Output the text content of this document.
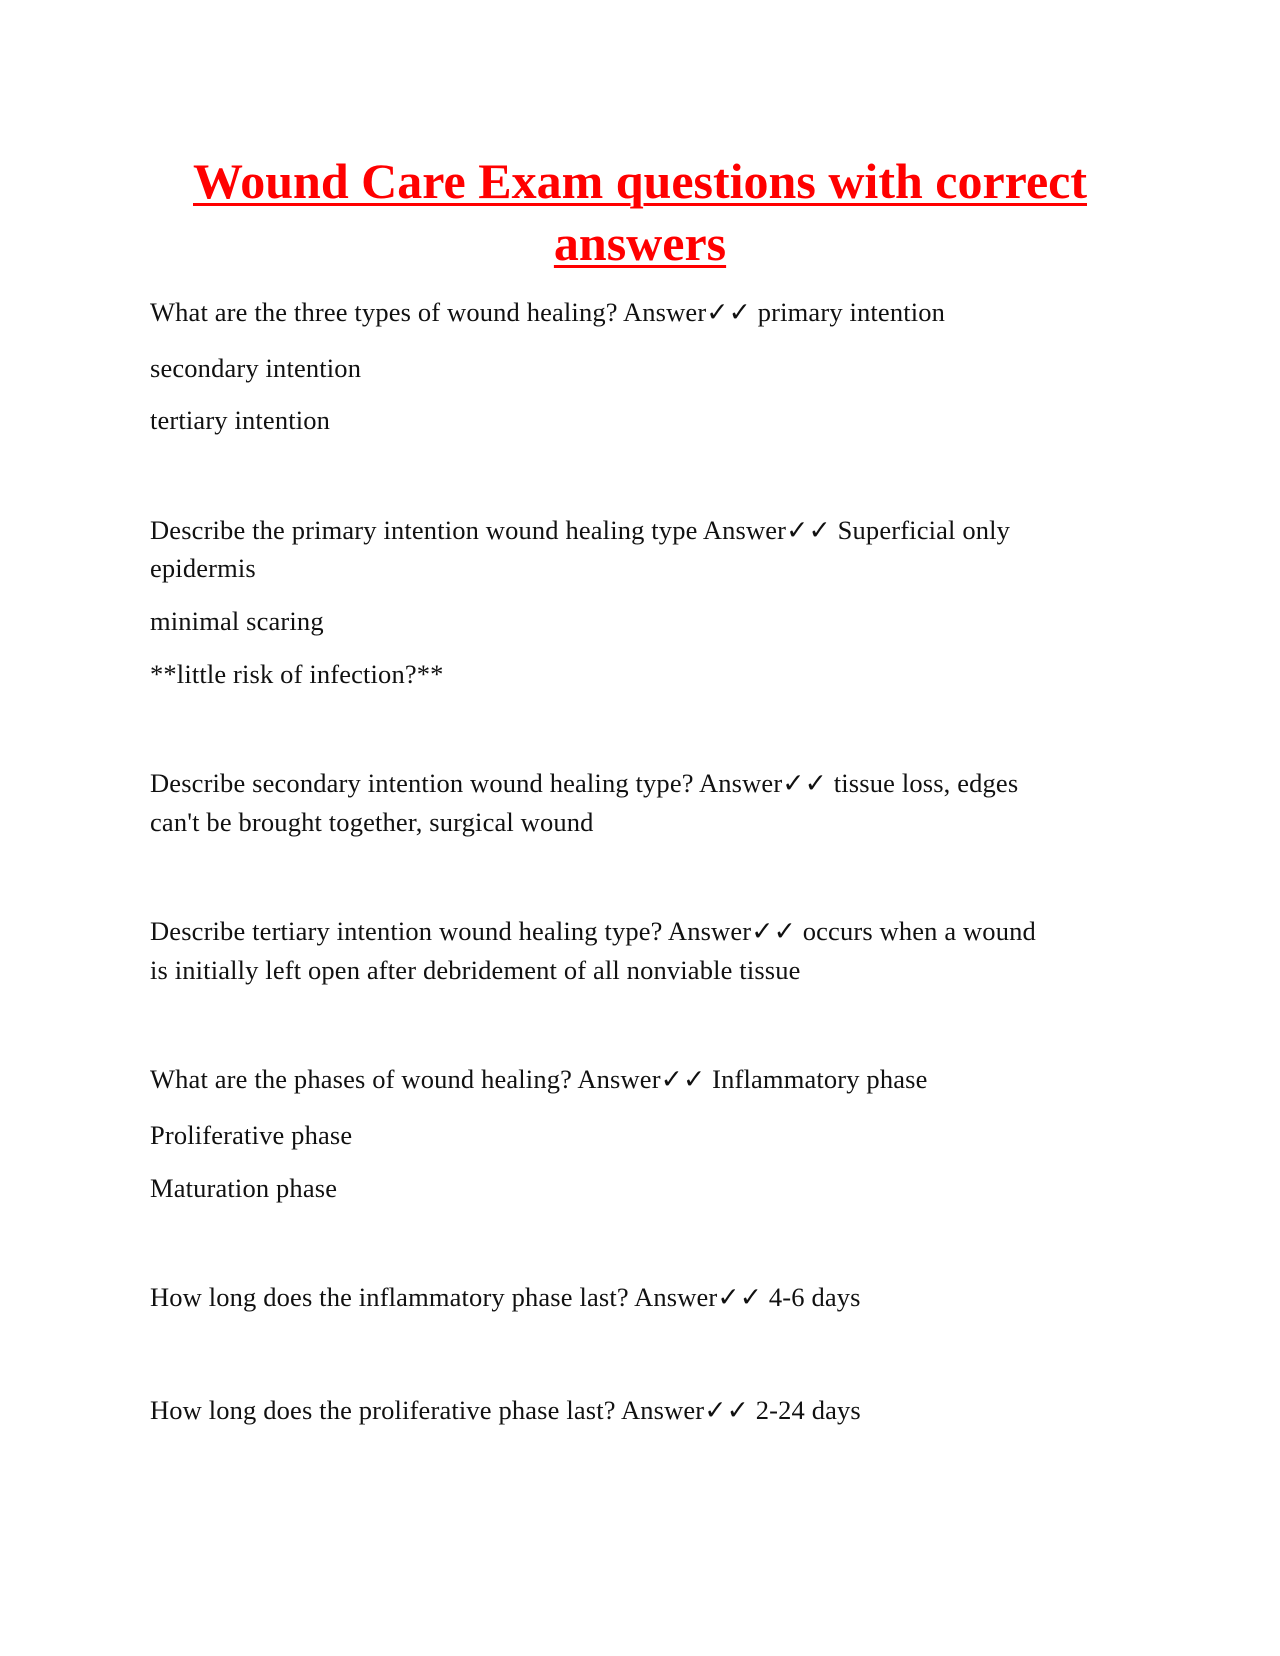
Wound Care Exam questions with correct answers

What are the three types of wound healing? Answer✓✓ primary intention

secondary intention

tertiary intention

Describe the primary intention wound healing type Answer✓✓ Superficial only

epidermis

minimal scaring

**little risk of infection?**

Describe secondary intention wound healing type? Answer✓✓ tissue loss, edges

can't be brought together, surgical wound

Describe tertiary intention wound healing type? Answer✓✓ occurs when a wound

is initially left open after debridement of all nonviable tissue

What are the phases of wound healing? Answer✓✓ Inflammatory phase

Proliferative phase

Maturation phase

How long does the inflammatory phase last? Answer✓✓ 4-6 days

How long does the proliferative phase last? Answer✓✓ 2-24 days
